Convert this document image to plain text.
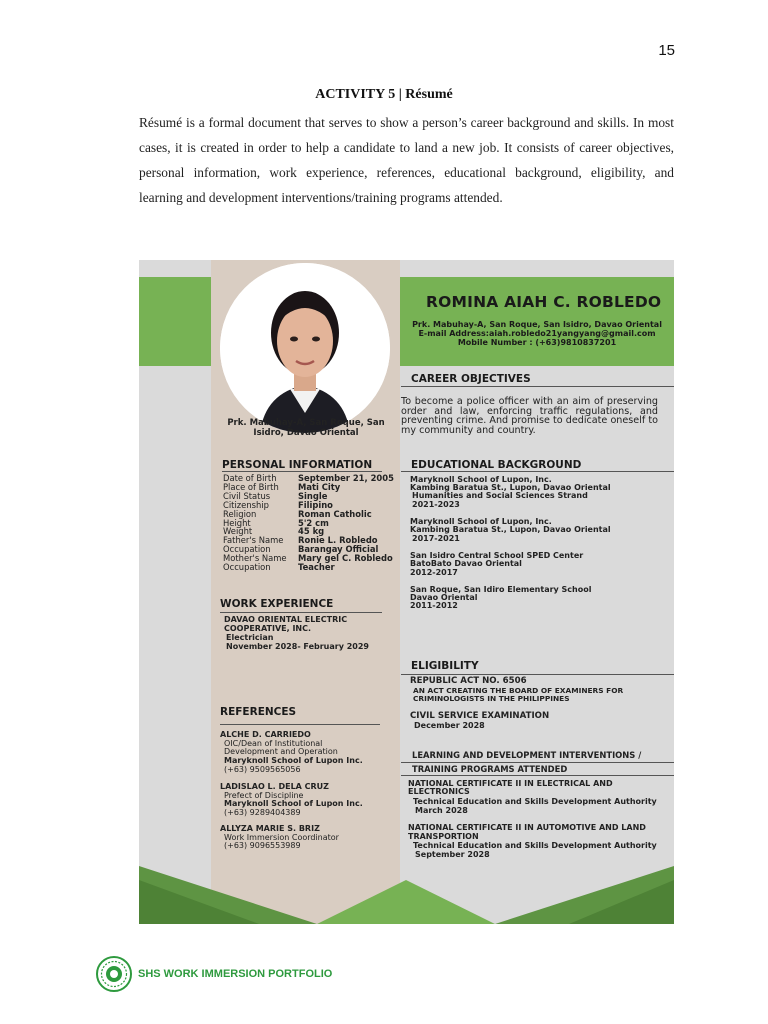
15
ACTIVITY 5 | Résumé
Résumé is a formal document that serves to show a person’s career background and skills. In most cases, it is created in order to help a candidate to land a new job. It consists of career objectives, personal information, work experience, references, educational background, eligibility, and learning and development interventions/training programs attended.
ROMINA AIAH C. ROBLEDO
Prk. Mabuhay-A, San Roque, San Isidro, Davao Oriental
E-mail Address:aiah.robledo21yangyang@gmail.com
Mobile Number : (+63)9810837201
Prk. Mabuhay-A, San Roque, San Isidro, Davao Oriental
CAREER OBJECTIVES
To become a police officer with an aim of preserving order and law, enforcing traffic regulations, and preventing crime. And promise to dedicate oneself to my community and country.
PERSONAL INFORMATION
Date of Birth	September 21, 2005
Place of Birth	Mati City
Civil Status	Single
Citizenship	Filipino
Religion	Roman Catholic
Height	5'2 cm
Weight	45 kg
Father's Name	Ronie L. Robledo
Occupation	Barangay Official
Mother's Name	Mary gel C. Robledo
Occupation	Teacher
WORK EXPERIENCE
DAVAO ORIENTAL ELECTRIC
COOPERATIVE, INC.
Electrician
November 2028- February 2029
REFERENCES
ALCHE D. CARRIEDO
OIC/Dean of Institutional
Development and Operation
Maryknoll School of Lupon Inc.
(+63) 9509565056
LADISLAO L. DELA CRUZ
Prefect of Discipline
Maryknoll School of Lupon Inc.
(+63) 9289404389
ALLYZA MARIE S. BRIZ
Work Immersion Coordinator
(+63) 9096553989
EDUCATIONAL BACKGROUND
Maryknoll School of Lupon, Inc.
Kambing Baratua St., Lupon, Davao Oriental
Humanities and Social Sciences Strand
2021-2023
Maryknoll School of Lupon, Inc.
Kambing Baratua St., Lupon, Davao Oriental
2017-2021
San Isidro Central School SPED Center
BatoBato Davao Oriental
2012-2017
San Roque, San Idiro Elementary School
Davao Oriental
2011-2012
ELIGIBILITY
REPUBLIC ACT NO. 6506
AN ACT CREATING THE BOARD OF EXAMINERS FOR
CRIMINOLOGISTS IN THE PHILIPPINES
CIVIL SERVICE EXAMINATION
December 2028
LEARNING AND DEVELOPMENT INTERVENTIONS /
TRAINING PROGRAMS ATTENDED
NATIONAL CERTIFICATE II IN ELECTRICAL AND
ELECTRONICS
Technical Education and Skills Development Authority
March 2028
NATIONAL CERTIFICATE II IN AUTOMOTIVE AND LAND
TRANSPORTION
Technical Education and Skills Development Authority
September 2028
SHS WORK IMMERSION PORTFOLIO
